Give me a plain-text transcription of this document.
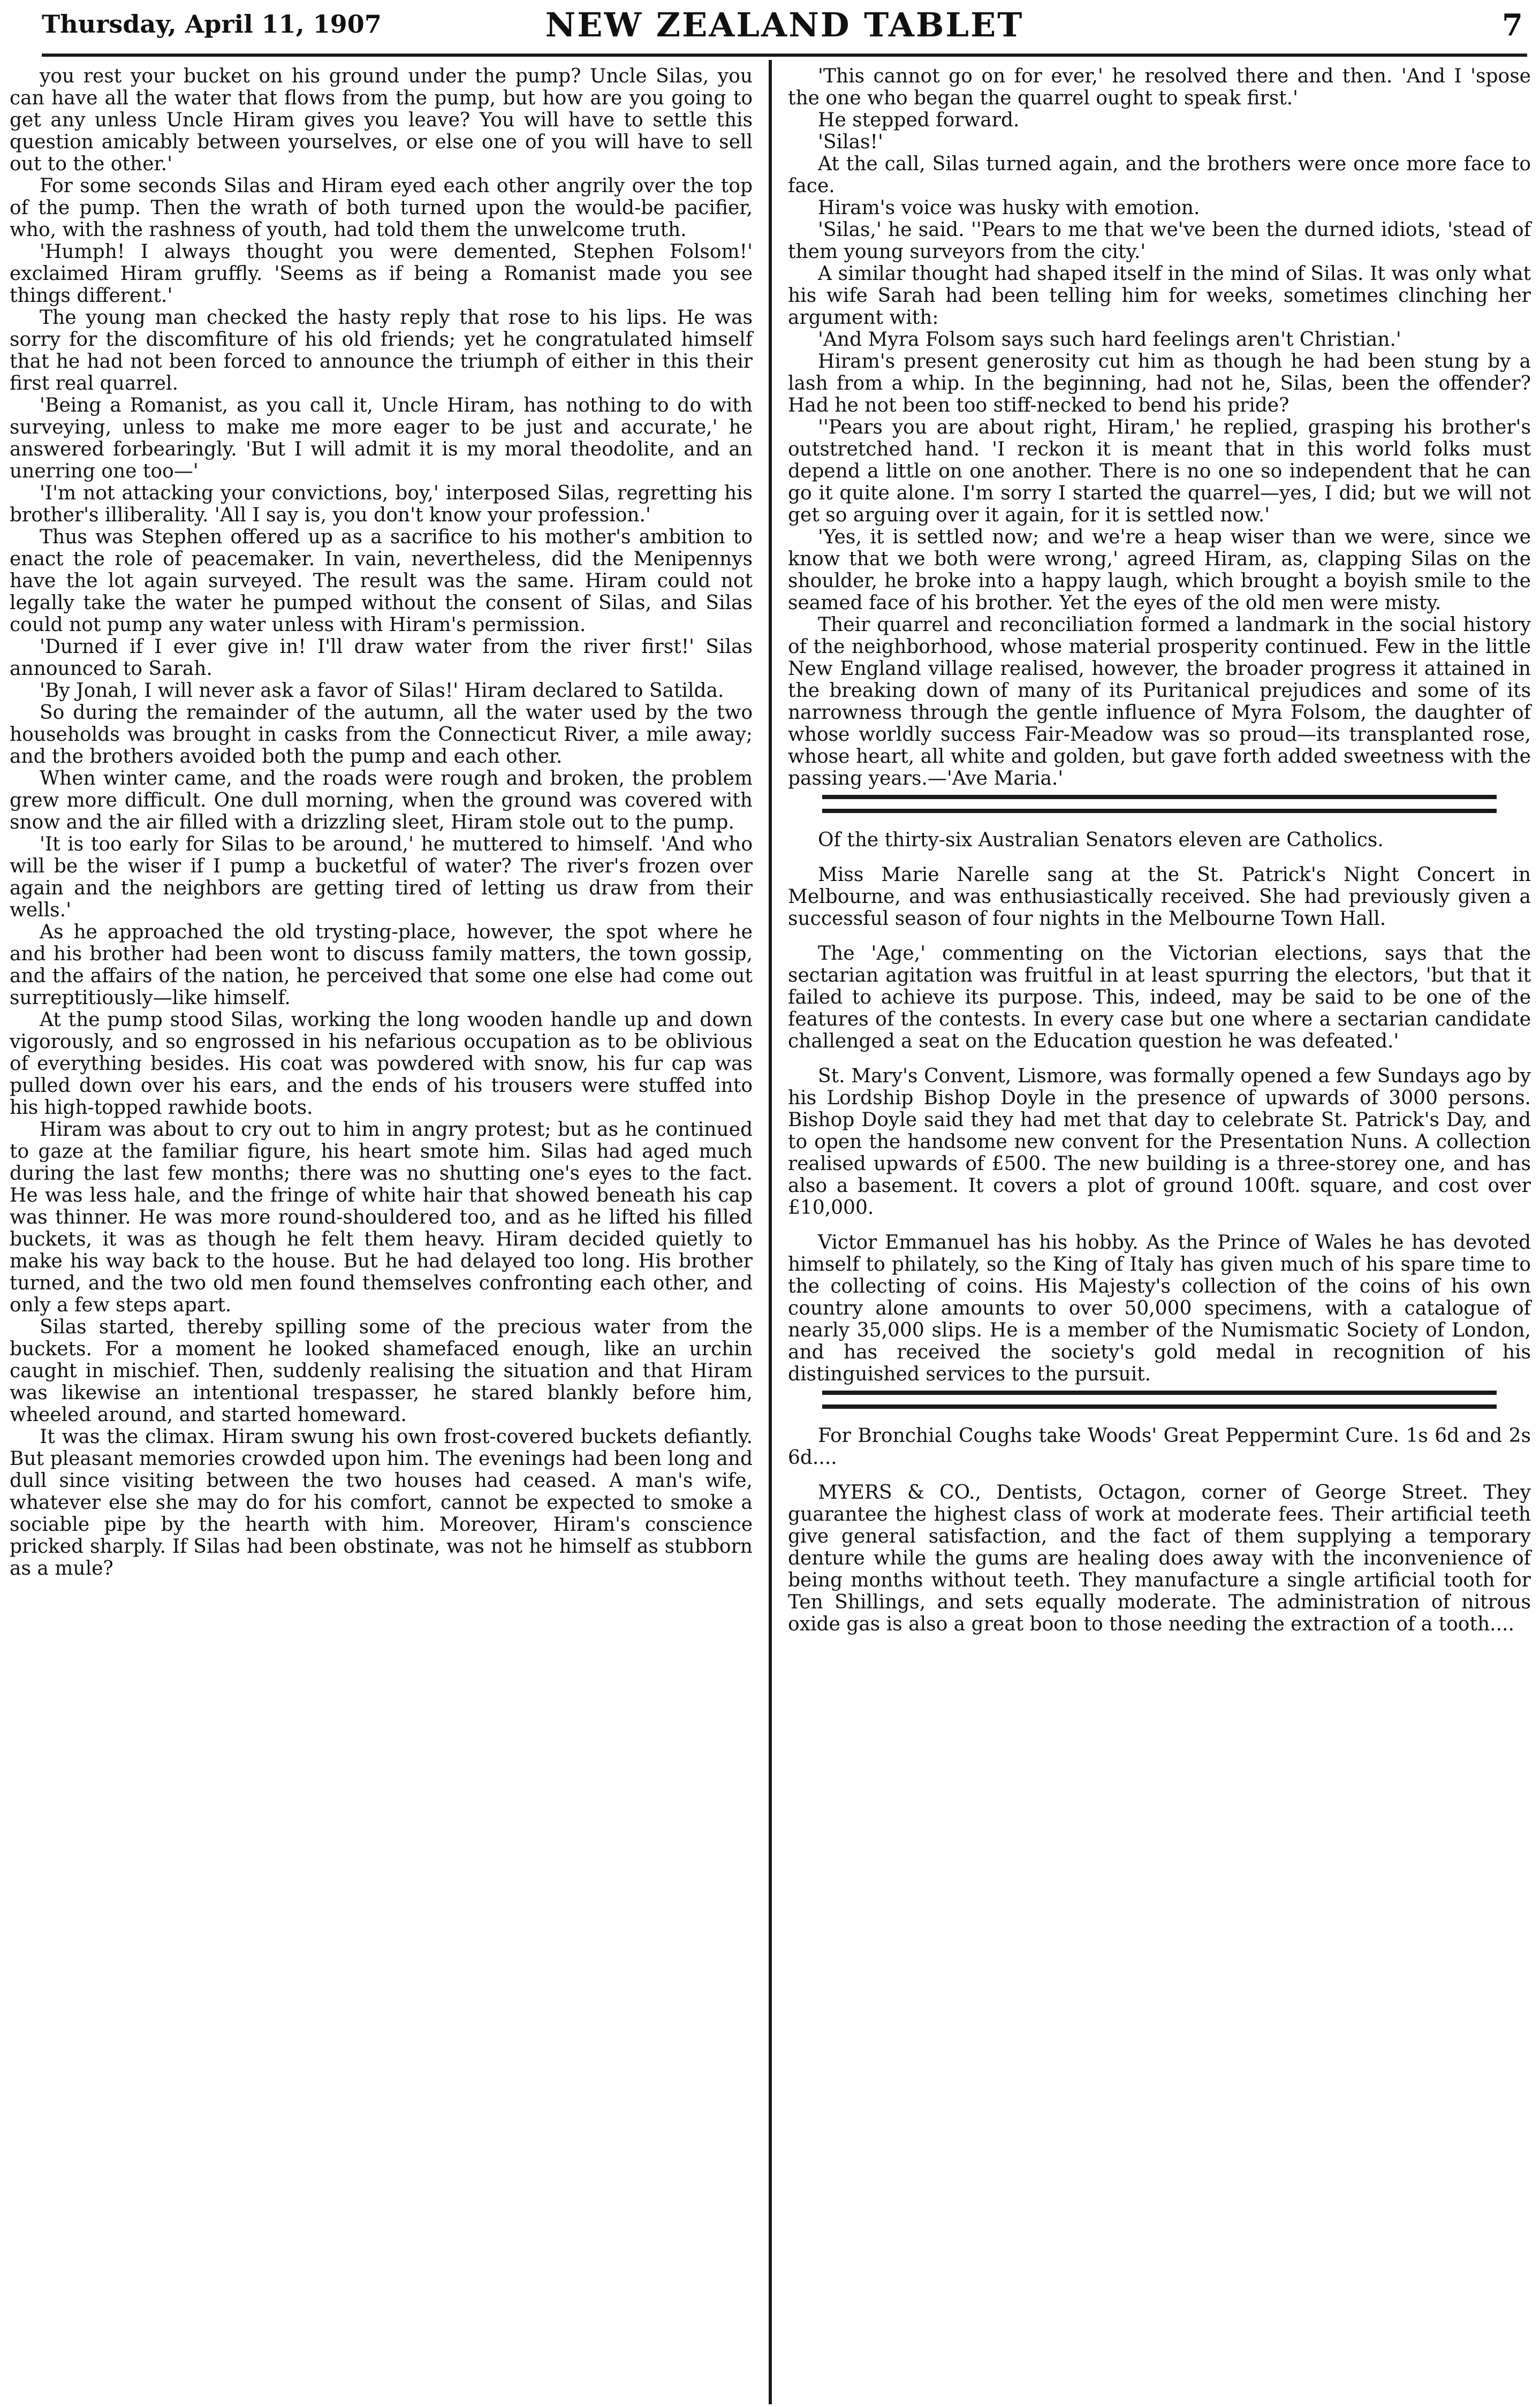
Thursday, April 11, 1907	NEW ZEALAND TABLET	7

you rest your bucket on his ground under the pump? Uncle Silas, you can have all the water that flows from the pump, but how are you going to get any unless Uncle Hiram gives you leave? You will have to settle this question amicably between yourselves, or else one of you will have to sell out to the other.'

For some seconds Silas and Hiram eyed each other angrily over the top of the pump. Then the wrath of both turned upon the would-be pacifier, who, with the rashness of youth, had told them the unwelcome truth.

'Humph! I always thought you were demented, Stephen Folsom!' exclaimed Hiram gruffly. 'Seems as if being a Romanist made you see things different.'

The young man checked the hasty reply that rose to his lips. He was sorry for the discomfiture of his old friends; yet he congratulated himself that he had not been forced to announce the triumph of either in this their first real quarrel.

'Being a Romanist, as you call it, Uncle Hiram, has nothing to do with surveying, unless to make me more eager to be just and accurate,' he answered forbearingly. 'But I will admit it is my moral theodolite, and an unerring one too—'

'I'm not attacking your convictions, boy,' interposed Silas, regretting his brother's illiberality. 'All I say is, you don't know your profession.'

Thus was Stephen offered up as a sacrifice to his mother's ambition to enact the role of peacemaker. In vain, nevertheless, did the Menipennys have the lot again surveyed. The result was the same. Hiram could not legally take the water he pumped without the consent of Silas, and Silas could not pump any water unless with Hiram's permission.

'Durned if I ever give in! I'll draw water from the river first!' Silas announced to Sarah.

'By Jonah, I will never ask a favor of Silas!' Hiram declared to Satilda.

So during the remainder of the autumn, all the water used by the two households was brought in casks from the Connecticut River, a mile away; and the brothers avoided both the pump and each other.

When winter came, and the roads were rough and broken, the problem grew more difficult. One dull morning, when the ground was covered with snow and the air filled with a drizzling sleet, Hiram stole out to the pump.

'It is too early for Silas to be around,' he muttered to himself. 'And who will be the wiser if I pump a bucketful of water? The river's frozen over again and the neighbors are getting tired of letting us draw from their wells.'

As he approached the old trysting-place, however, the spot where he and his brother had been wont to discuss family matters, the town gossip, and the affairs of the nation, he perceived that some one else had come out surreptitiously—like himself.

At the pump stood Silas, working the long wooden handle up and down vigorously, and so engrossed in his nefarious occupation as to be oblivious of everything besides. His coat was powdered with snow, his fur cap was pulled down over his ears, and the ends of his trousers were stuffed into his high-topped rawhide boots.

Hiram was about to cry out to him in angry protest; but as he continued to gaze at the familiar figure, his heart smote him. Silas had aged much during the last few months; there was no shutting one's eyes to the fact. He was less hale, and the fringe of white hair that showed beneath his cap was thinner. He was more round-shouldered too, and as he lifted his filled buckets, it was as though he felt them heavy. Hiram decided quietly to make his way back to the house. But he had delayed too long. His brother turned, and the two old men found themselves confronting each other, and only a few steps apart.

Silas started, thereby spilling some of the precious water from the buckets. For a moment he looked shamefaced enough, like an urchin caught in mischief. Then, suddenly realising the situation and that Hiram was likewise an intentional trespasser, he stared blankly before him, wheeled around, and started homeward.

It was the climax. Hiram swung his own frost-covered buckets defiantly. But pleasant memories crowded upon him. The evenings had been long and dull since visiting between the two houses had ceased. A man's wife, whatever else she may do for his comfort, cannot be expected to smoke a sociable pipe by the hearth with him. Moreover, Hiram's conscience pricked sharply. If Silas had been obstinate, was not he himself as stubborn as a mule?

'This cannot go on for ever,' he resolved there and then. 'And I 'spose the one who began the quarrel ought to speak first.'

He stepped forward.

'Silas!'

At the call, Silas turned again, and the brothers were once more face to face.

Hiram's voice was husky with emotion.

'Silas,' he said. ''Pears to me that we've been the durned idiots, 'stead of them young surveyors from the city.'

A similar thought had shaped itself in the mind of Silas. It was only what his wife Sarah had been telling him for weeks, sometimes clinching her argument with:

'And Myra Folsom says such hard feelings aren't Christian.'

Hiram's present generosity cut him as though he had been stung by a lash from a whip. In the beginning, had not he, Silas, been the offender? Had he not been too stiff-necked to bend his pride?

''Pears you are about right, Hiram,' he replied, grasping his brother's outstretched hand. 'I reckon it is meant that in this world folks must depend a little on one another. There is no one so independent that he can go it quite alone. I'm sorry I started the quarrel—yes, I did; but we will not get so arguing over it again, for it is settled now.'

'Yes, it is settled now; and we're a heap wiser than we were, since we know that we both were wrong,' agreed Hiram, as, clapping Silas on the shoulder, he broke into a happy laugh, which brought a boyish smile to the seamed face of his brother. Yet the eyes of the old men were misty.

Their quarrel and reconciliation formed a landmark in the social history of the neighborhood, whose material prosperity continued. Few in the little New England village realised, however, the broader progress it attained in the breaking down of many of its Puritanical prejudices and some of its narrowness through the gentle influence of Myra Folsom, the daughter of whose worldly success Fair-Meadow was so proud—its transplanted rose, whose heart, all white and golden, but gave forth added sweetness with the passing years.—'Ave Maria.'

Of the thirty-six Australian Senators eleven are Catholics.

Miss Marie Narelle sang at the St. Patrick's Night Concert in Melbourne, and was enthusiastically received. She had previously given a successful season of four nights in the Melbourne Town Hall.

The 'Age,' commenting on the Victorian elections, says that the sectarian agitation was fruitful in at least spurring the electors, 'but that it failed to achieve its purpose. This, indeed, may be said to be one of the features of the contests. In every case but one where a sectarian candidate challenged a seat on the Education question he was defeated.'

St. Mary's Convent, Lismore, was formally opened a few Sundays ago by his Lordship Bishop Doyle in the presence of upwards of 3000 persons. Bishop Doyle said they had met that day to celebrate St. Patrick's Day, and to open the handsome new convent for the Presentation Nuns. A collection realised upwards of £500. The new building is a three-storey one, and has also a basement. It covers a plot of ground 100ft. square, and cost over £10,000.

Victor Emmanuel has his hobby. As the Prince of Wales he has devoted himself to philately, so the King of Italy has given much of his spare time to the collecting of coins. His Majesty's collection of the coins of his own country alone amounts to over 50,000 specimens, with a catalogue of nearly 35,000 slips. He is a member of the Numismatic Society of London, and has received the society's gold medal in recognition of his distinguished services to the pursuit.

For Bronchial Coughs take Woods' Great Peppermint Cure. 1s 6d and 2s 6d....

MYERS & CO., Dentists, Octagon, corner of George Street. They guarantee the highest class of work at moderate fees. Their artificial teeth give general satisfaction, and the fact of them supplying a temporary denture while the gums are healing does away with the inconvenience of being months without teeth. They manufacture a single artificial tooth for Ten Shillings, and sets equally moderate. The administration of nitrous oxide gas is also a great boon to those needing the extraction of a tooth....
